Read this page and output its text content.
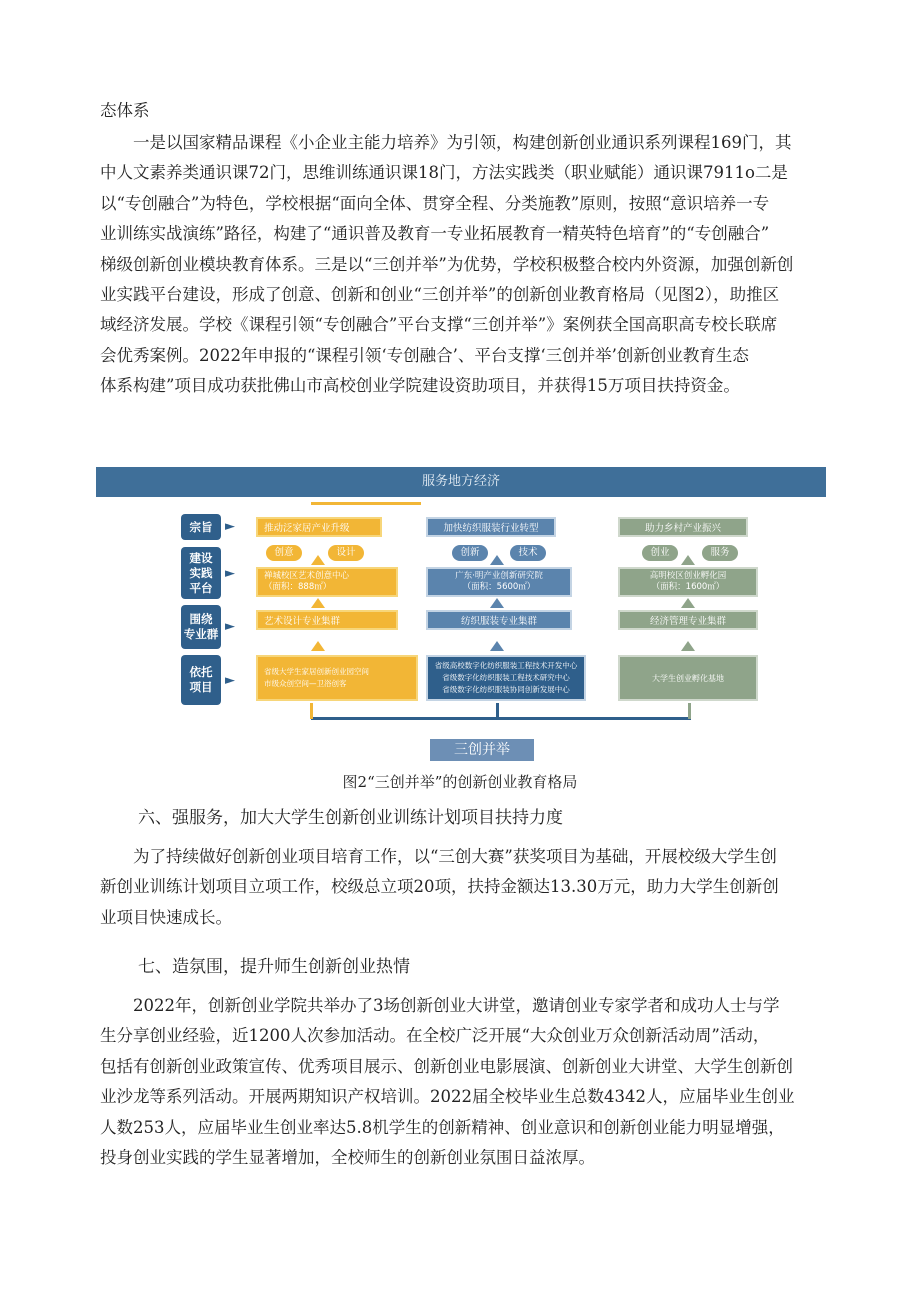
态体系

一是以国家精品课程《小企业主能力培养》为引领，构建创新创业通识系列课程169门，其
中人文素养类通识课72门，思维训练通识课18门，方法实践类（职业赋能）通识课7911o二是
以“专创融合”为特色，学校根据“面向全体、贯穿全程、分类施教”原则，按照“意识培养一专
业训练实战演练”路径，构建了“通识普及教育一专业拓展教育一精英特色培育”的“专创融合”
梯级创新创业模块教育体系。三是以“三创并举”为优势，学校积极整合校内外资源，加强创新创
业实践平台建设，形成了创意、创新和创业“三创并举”的创新创业教育格局（见图2），助推区
域经济发展。学校《课程引领“专创融合”平台支撑“三创并举”》案例获全国高职高专校长联席
会优秀案例。2022年申报的“课程引领‘专创融合’、平台支撑‘三创并举’创新创业教育生态
体系构建”项目成功获批佛山市高校创业学院建设资助项目，并获得15万项目扶持资金。

服务地方经济
宗旨
建设
实践
平台
围绕
专业群
依托
项目
►
►
►
►
推动泛家居产业升级
创意	设计
禅城校区艺术创意中心
（面积：888㎡）
艺术设计专业集群
省级大学生家居创新创业园空间
市级众创空间—卫浴创客
加快纺织服装行业转型
创新	技术
广东·明产业创新研究院
（面积：5600㎡）
纺织服装专业集群
省级高校数字化纺织服装工程技术开发中心
省级数字化纺织服装工程技术研究中心
省级数字化纺织服装协同创新发展中心
助力乡村产业振兴
创业	服务
高明校区创业孵化园
（面积：1600㎡）
经济管理专业集群
大学生创业孵化基地
三创并举

图2“三创并举”的创新创业教育格局

六、强服务，加大大学生创新创业训练计划项目扶持力度

为了持续做好创新创业项目培育工作，以“三创大赛”获奖项目为基础，开展校级大学生创
新创业训练计划项目立项工作，校级总立项20项，扶持金额达13.30万元，助力大学生创新创
业项目快速成长。

七、造氛围，提升师生创新创业热情

2022年，创新创业学院共举办了3场创新创业大讲堂，邀请创业专家学者和成功人士与学
生分享创业经验，近1200人次参加活动。在全校广泛开展“大众创业万众创新活动周”活动，
包括有创新创业政策宣传、优秀项目展示、创新创业电影展演、创新创业大讲堂、大学生创新创
业沙龙等系列活动。开展两期知识产权培训。2022届全校毕业生总数4342人，应届毕业生创业
人数253人，应届毕业生创业率达5.8机学生的创新精神、创业意识和创新创业能力明显增强，
投身创业实践的学生显著增加，全校师生的创新创业氛围日益浓厚。
